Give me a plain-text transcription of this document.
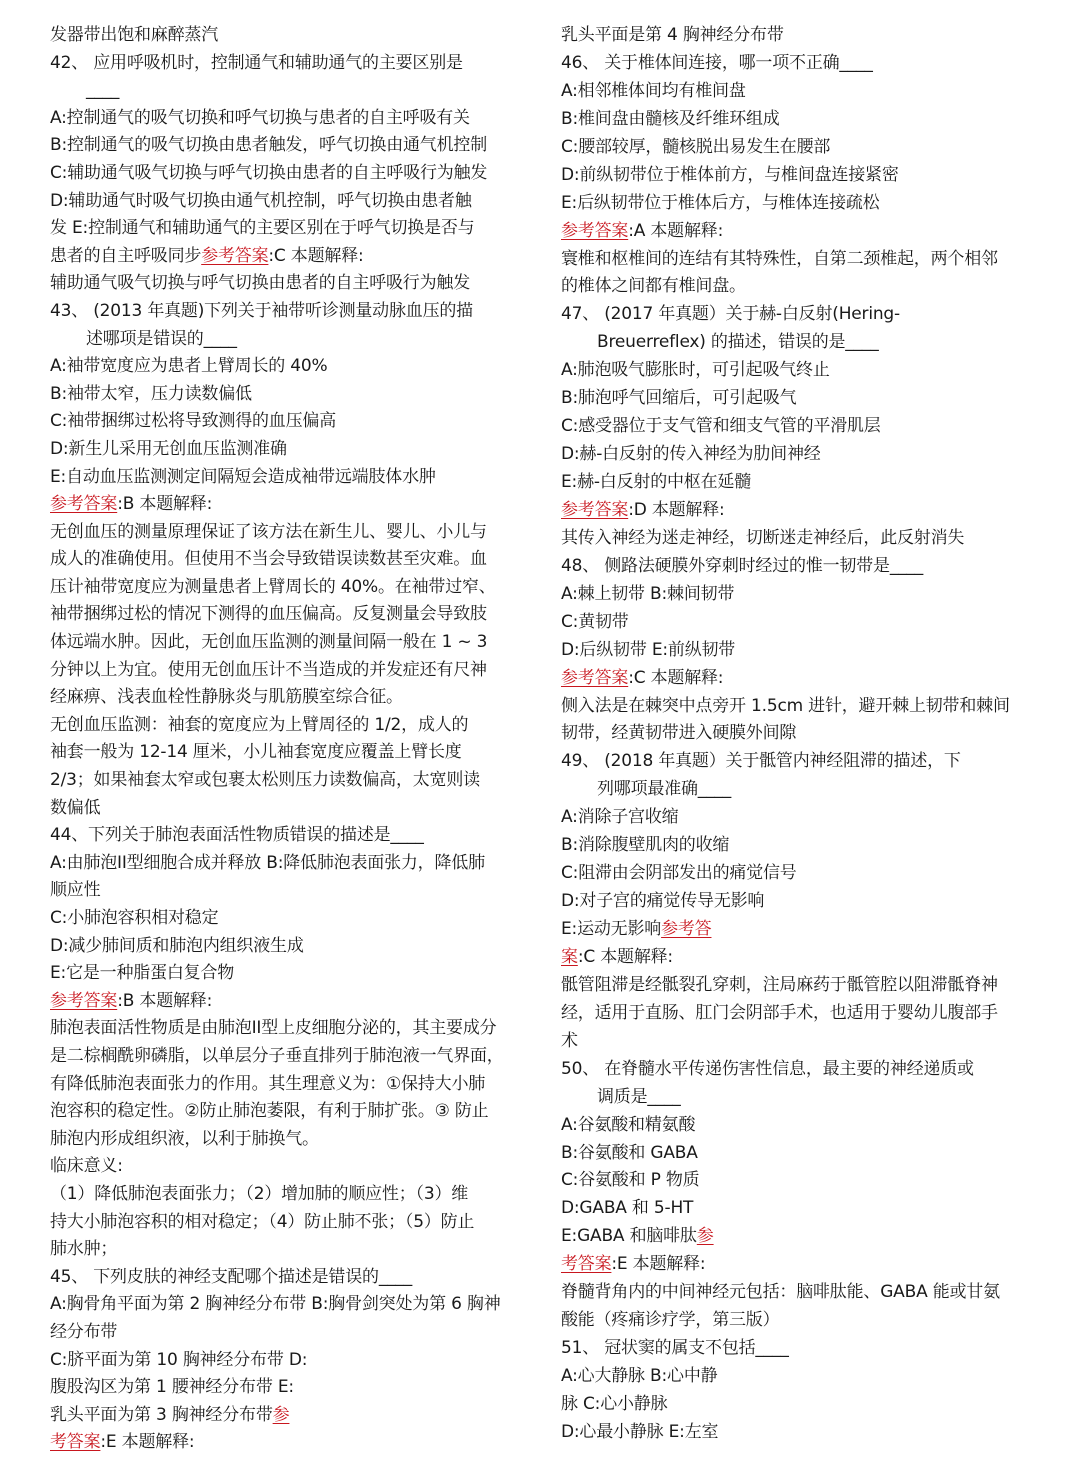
发器带出饱和麻醉蒸汽
42、 应用呼吸机时，控制通气和辅助通气的主要区别是
____
A:控制通气的吸气切换和呼气切换与患者的自主呼吸有关
B:控制通气的吸气切换由患者触发，呼气切换由通气机控制
C:辅助通气吸气切换与呼气切换由患者的自主呼吸行为触发
D:辅助通气时吸气切换由通气机控制，呼气切换由患者触
发 E:控制通气和辅助通气的主要区别在于呼气切换是否与
患者的自主呼吸同步参考答案:C 本题解释:
辅助通气吸气切换与呼气切换由患者的自主呼吸行为触发
43、 (2013 年真题)下列关于袖带听诊测量动脉血压的描
述哪项是错误的____
A:袖带宽度应为患者上臂周长的 40%
B:袖带太窄，压力读数偏低
C:袖带捆绑过松将导致测得的血压偏高
D:新生儿采用无创血压监测准确
E:自动血压监测测定间隔短会造成袖带远端肢体水肿
参考答案:B 本题解释:
无创血压的测量原理保证了该方法在新生儿、婴儿、小儿与
成人的准确使用。但使用不当会导致错误读数甚至灾难。血
压计袖带宽度应为测量患者上臂周长的 40%。在袖带过窄、
袖带捆绑过松的情况下测得的血压偏高。反复测量会导致肢
体远端水肿。因此，无创血压监测的测量间隔一般在 1 ~ 3
分钟以上为宜。使用无创血压计不当造成的并发症还有尺神
经麻痹、浅表血栓性静脉炎与肌筋膜室综合征。
无创血压监测：袖套的宽度应为上臂周径的 1/2，成人的
袖套一般为 12-14 厘米，小儿袖套宽度应覆盖上臂长度
2/3；如果袖套太窄或包裹太松则压力读数偏高，太宽则读
数偏低
44、下列关于肺泡表面活性物质错误的描述是____
A:由肺泡II型细胞合成并释放 B:降低肺泡表面张力，降低肺
顺应性
C:小肺泡容积相对稳定
D:减少肺间质和肺泡内组织液生成
E:它是一种脂蛋白复合物
参考答案:B 本题解释:
肺泡表面活性物质是由肺泡II型上皮细胞分泌的，其主要成分
是二棕榈酰卵磷脂，以单层分子垂直排列于肺泡液一气界面，
有降低肺泡表面张力的作用。其生理意义为：①保持大小肺
泡容积的稳定性。②防止肺泡萎限，有利于肺扩张。③ 防止
肺泡内形成组织液，以利于肺换气。
临床意义:
（1）降低肺泡表面张力；（2）增加肺的顺应性；（3）维
持大小肺泡容积的相对稳定；（4）防止肺不张；（5）防止
肺水肿；
45、 下列皮肤的神经支配哪个描述是错误的____
A:胸骨角平面为第 2 胸神经分布带 B:胸骨剑突处为第 6 胸神
经分布带
C:脐平面为第 10 胸神经分布带 D:
腹股沟区为第 1 腰神经分布带 E:
乳头平面为第 3 胸神经分布带参
考答案:E 本题解释:
乳头平面是第 4 胸神经分布带
46、 关于椎体间连接，哪一项不正确____
A:相邻椎体间均有椎间盘
B:椎间盘由髓核及纤维环组成
C:腰部较厚，髓核脱出易发生在腰部
D:前纵韧带位于椎体前方，与椎间盘连接紧密
E:后纵韧带位于椎体后方，与椎体连接疏松
参考答案:A 本题解释:
寰椎和枢椎间的连结有其特殊性，自第二颈椎起，两个相邻
的椎体之间都有椎间盘。
47、 (2017 年真题）关于赫-白反射(Hering-
Breuerreflex) 的描述，错误的是____
A:肺泡吸气膨胀时，可引起吸气终止
B:肺泡呼气回缩后，可引起吸气
C:感受器位于支气管和细支气管的平滑肌层
D:赫-白反射的传入神经为肋间神经
E:赫-白反射的中枢在延髓
参考答案:D 本题解释:
其传入神经为迷走神经，切断迷走神经后，此反射消失
48、 侧路法硬膜外穿刺时经过的惟一韧带是____
A:棘上韧带 B:棘间韧带
C:黄韧带
D:后纵韧带 E:前纵韧带
参考答案:C 本题解释:
侧入法是在棘突中点旁开 1.5cm 进针，避开棘上韧带和棘间
韧带，经黄韧带进入硬膜外间隙
49、 (2018 年真题）关于骶管内神经阻滞的描述，下
列哪项最准确____
A:消除子宫收缩
B:消除腹壁肌肉的收缩
C:阻滞由会阴部发出的痛觉信号
D:对子宫的痛觉传导无影响
E:运动无影响参考答
案:C 本题解释:
骶管阻滞是经骶裂孔穿刺，注局麻药于骶管腔以阻滞骶脊神
经，适用于直肠、肛门会阴部手术，也适用于婴幼儿腹部手
术
50、 在脊髓水平传递伤害性信息，最主要的神经递质或
调质是____
A:谷氨酸和精氨酸
B:谷氨酸和 GABA
C:谷氨酸和 P 物质
D:GABA 和 5-HT
E:GABA 和脑啡肽参
考答案:E 本题解释:
脊髓背角内的中间神经元包括：脑啡肽能、GABA 能或甘氨
酸能（疼痛诊疗学，第三版）
51、 冠状窦的属支不包括____
A:心大静脉 B:心中静
脉 C:心小静脉
D:心最小静脉 E:左室
